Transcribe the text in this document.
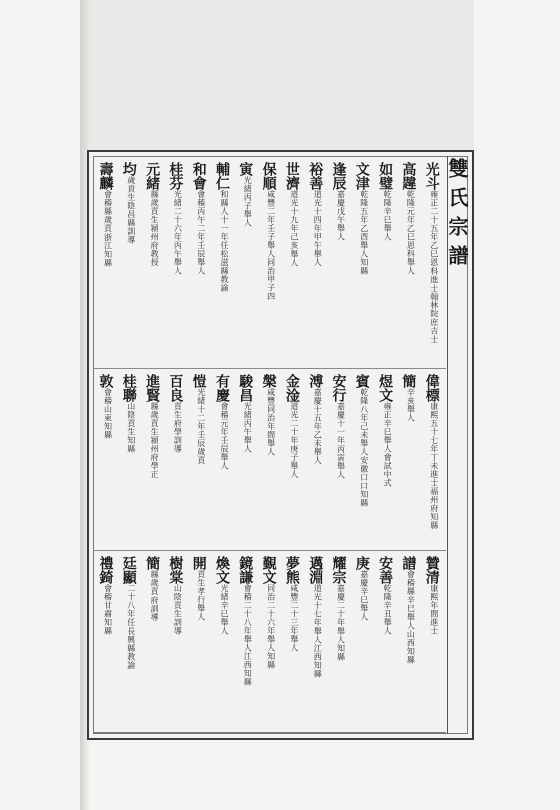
雙 氏 宗 譜
光斗
雍正二十五年乙巳恩
科進士翰林院庶吉士
高韙
乾隆元年乙巳恩科舉人
如璧
乾隆辛巳舉人
文津
乾隆五年乙酉舉人
知縣
逢辰
嘉慶戊午舉人
裕善
道光十四年甲午舉人
世濟
道光十九年己亥
舉人
保順
咸豐二年壬子舉人
同治甲子四
寅
光緒丙子舉人
輔仁
和縣人十一年任松滋縣教諭
和會
會稽丙午二年壬辰舉人
桂芬
光緒二十六年丙午舉人
元緒
縣歲貢生
潁州府教授
均
歲貢生陰昌縣
訓導
壽麟
會稽縣歲貢
浙江知縣
偉標
康熙五十七年丁未
進士福州府知縣
簡
辛亥舉人
煜文
雍正辛巳舉人
會試中式
賓
乾隆八年己未舉人
安徽口口知縣
安行
嘉慶十一年
丙寅舉人
溥
嘉慶十五年乙未舉人
金淦
道光二十年庚子舉人
槃
咸豐同治年間
舉人
駿昌
光緒丙午舉人
有慶
會稽元年壬辰舉人
愷
光緒十二年壬辰歲貢
百良
貢生
府學訓導
進賢
縣歲貢生
潁州府學正
桂聯
山陰貢生
知縣
敦
會稽山東
知縣
贊清
康熙年間
進士
譜
會稽縣辛巳
舉人山西知縣
安善
乾隆辛丑舉人
庚
嘉慶辛巳舉人
耀宗
嘉慶二十年
舉人知縣
邁淵
道光十七年
舉人江西知縣
夢熊
咸豐二十三年
舉人
覲文
同治二十六年
舉人知縣
鏡謙
會稽二十八年
舉人江西知縣
煥文
光緒辛巳舉人
開
貢生
孝行舉人
樹棠
山陰貢生
訓導
簡
縣歲貢
府訓導
廷顯
二十八年任
長興縣教諭
禮錡
會稽
甘肅知縣
